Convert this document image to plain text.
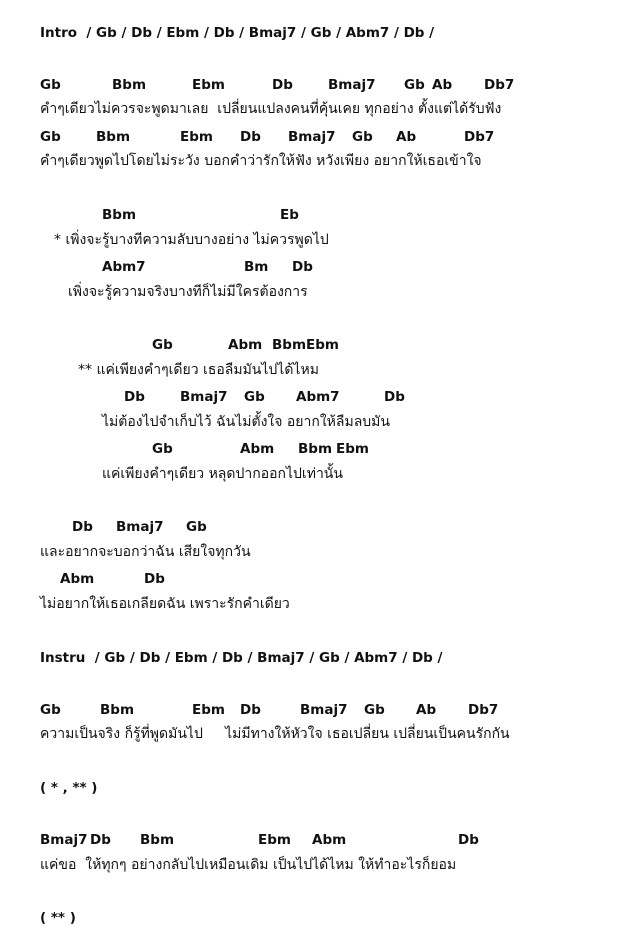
Intro  / Gb / Db / Ebm / Db / Bmaj7 / Gb / Abm7 / Db /
Gb	Bbm	Ebm	Db	Bmaj7 Gb Ab Db7
คำๆเดียวไม่ควรจะพูดมาเลย  เปลี่ยนแปลงคนที่คุ้นเคย ทุกอย่าง ตั้งแต่ได้รับฟัง
Gb	Bbm	Ebm Db Bmaj7 Gb Ab	Db7
คำๆเดียวพูดไปโดยไม่ระวัง บอกคำว่ารักให้ฟัง หวังเพียง อยากให้เธอเข้าใจ
Bbm	Eb
* เพิ่งจะรู้บางทีความลับบางอย่าง ไม่ควรพูดไป
Abm7	Bm Db
เพิ่งจะรู้ความจริงบางทีก็ไม่มีใครต้องการ
Gb	Abm Bbm Ebm
** แค่เพียงคำๆเดียว เธอลืมมันไปได้ไหม
Db	Bmaj7 Gb Abm7	Db
ไม่ต้องไปจำเก็บไว้ ฉันไม่ตั้งใจ อยากให้ลืมลบมัน
Gb	Abm Bbm Ebm
แค่เพียงคำๆเดียว หลุดปากออกไปเท่านั้น
Db Bmaj7 Gb
และอยากจะบอกว่าฉัน เสียใจทุกวัน
Abm	Db
ไม่อยากให้เธอเกลียดฉัน เพราะรักคำเดียว
Instru  / Gb / Db / Ebm / Db / Bmaj7 / Gb / Abm7 / Db /
Gb	Bbm	Ebm Db	Bmaj7 Gb Ab Db7
ความเป็นจริง ก็รู้ที่พูดมันไป     ไม่มีทางให้หัวใจ เธอเปลี่ยน เปลี่ยนเป็นคนรักกัน
( * , ** )
Bmaj7 Db Bbm	Ebm Abm	Db
แค่ขอ  ให้ทุกๆ อย่างกลับไปเหมือนเดิม เป็นไปได้ไหม ให้ทำอะไรก็ยอม
( ** )
